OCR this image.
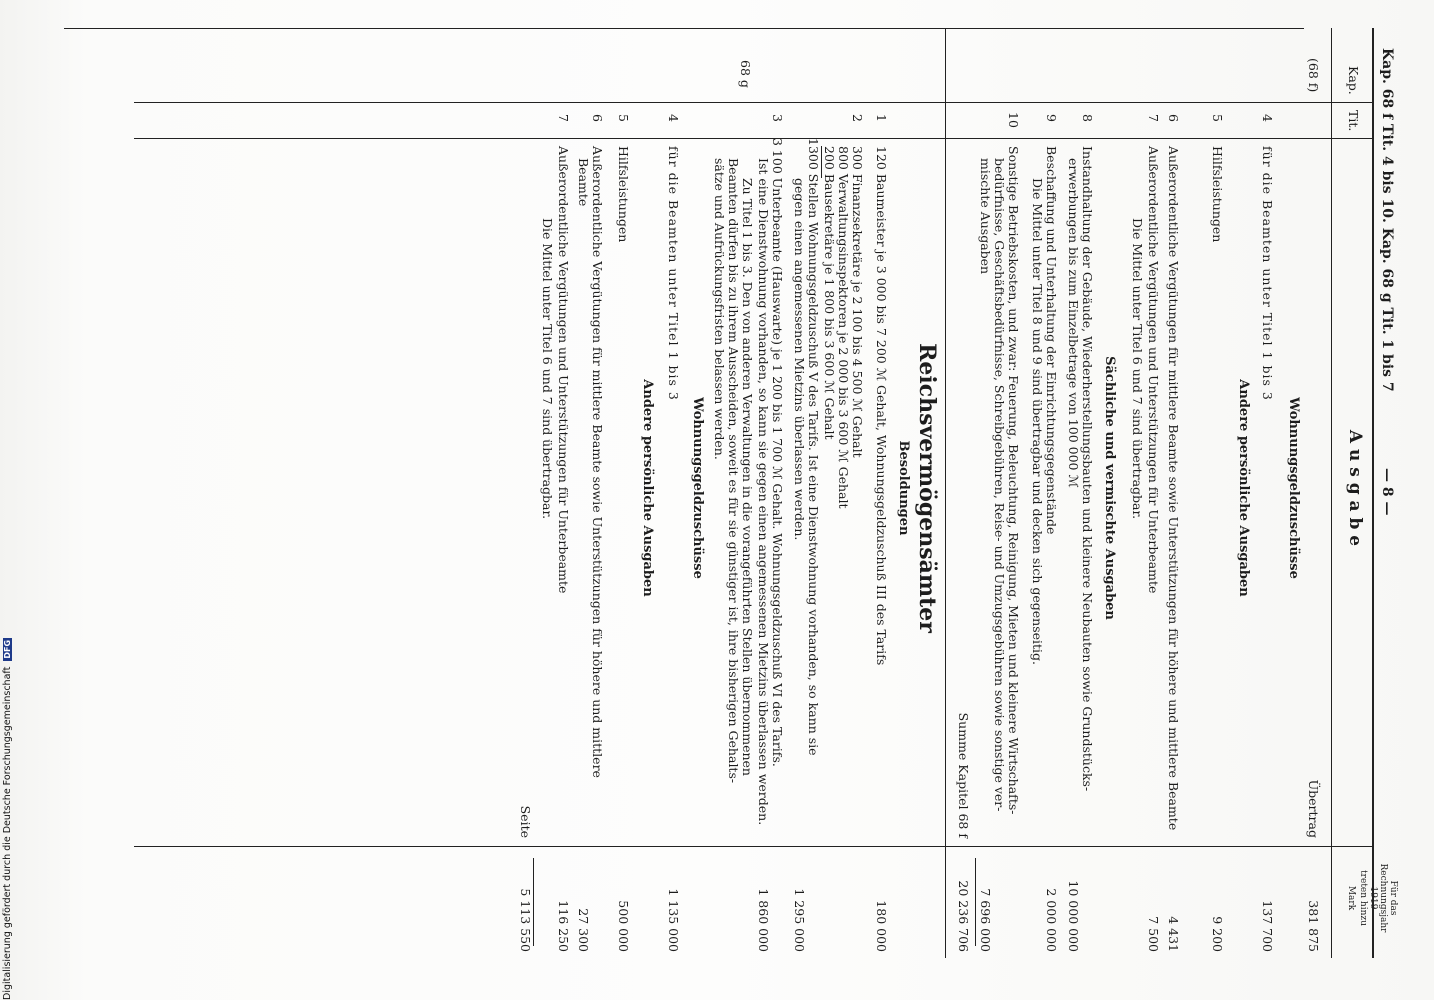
Kap. 68 f Tit. 4 bis 10. Kap. 68 g Tit. 1 bis 7
— 8 —
Kap.
Tit.
A u s g a b e
Für das
Rechnungsjahr
1919
treten hinzu
Mark
(68 f)
Übertrag
381 875
Wohnungsgeldzuschüsse
4
für die Beamten unter Titel 1 bis 3
137 700
Andere persönliche Ausgaben
5
Hilfsleistungen
9 200
6
Außerordentliche Vergütungen für mittlere Beamte sowie Unterstützungen für höhere und mittlere Beamte
4 431
7
Außerordentliche Vergütungen und Unterstützungen für Unterbeamte
7 500
Die Mittel unter Titel 6 und 7 sind übertragbar.
Sächliche und vermischte Ausgaben
8
Instandhaltung der Gebäude, Wiederherstellungsbauten und kleinere Neubauten sowie Grundstücks-
erwerbungen bis zum Einzelbetrage von 100 000 ℳ
10 000 000
9
Beschaffung und Unterhaltung der Einrichtungsgegenstände
2 000 000
Die Mittel unter Titel 8 und 9 sind übertragbar und decken sich gegenseitig.
10
Sonstige Betriebskosten, und zwar: Feuerung, Beleuchtung, Reinigung, Mieten und kleinere Wirtschafts-
bedürfnisse, Geschäftsbedürfnisse, Schreibgebühren, Reise- und Umzugsgebühren sowie sonstige ver-
mischte Ausgaben
7 696 000
Summe Kapitel 68 f
20 236 706
68 g
Reichsvermögensämter
Besoldungen
1
120 Baumeister je 3 000 bis 7 200 ℳ Gehalt, Wohnungsgeldzuschuß III des Tarifs
180 000
2
300 Finanzsekretäre je 2 100 bis 4 500 ℳ Gehalt
800 Verwaltungsinspektoren je 2 000 bis 3 600 ℳ Gehalt
200 Bausekretäre je 1 800 bis 3 600 ℳ Gehalt
1300 Stellen Wohnungsgeldzuschuß V des Tarifs. Ist eine Dienstwohnung vorhanden, so kann sie
gegen einen angemessenen Mietzins überlassen werden.
1 295 000
3
3 100 Unterbeamte (Hauswarte) je 1 200 bis 1 700 ℳ Gehalt. Wohnungsgeldzuschuß VI des Tarifs.
Ist eine Dienstwohnung vorhanden, so kann sie gegen einen angemessenen Mietzins überlassen werden.
Zu Titel 1 bis 3. Den von anderen Verwaltungen in die vorangeführten Stellen übernommenen
Beamten dürfen bis zu ihrem Ausscheiden, soweit es für sie günstiger ist, ihre bisherigen Gehalts-
sätze und Aufrückungsfristen belassen werden.
1 860 000
Wohnungsgeldzuschüsse
4
für die Beamten unter Titel 1 bis 3
1 135 000
Andere persönliche Ausgaben
5
Hilfsleistungen
500 000
6
Außerordentliche Vergütungen für mittlere Beamte sowie Unterstützungen für höhere und mittlere
Beamte
27 300
7
Außerordentliche Vergütungen und Unterstützungen für Unterbeamte
116 250
Die Mittel unter Titel 6 und 7 sind übertragbar.
Seite
5 113 550
Digitalisierung gefördert durch die Deutsche Forschungsgemeinschaft DFG
